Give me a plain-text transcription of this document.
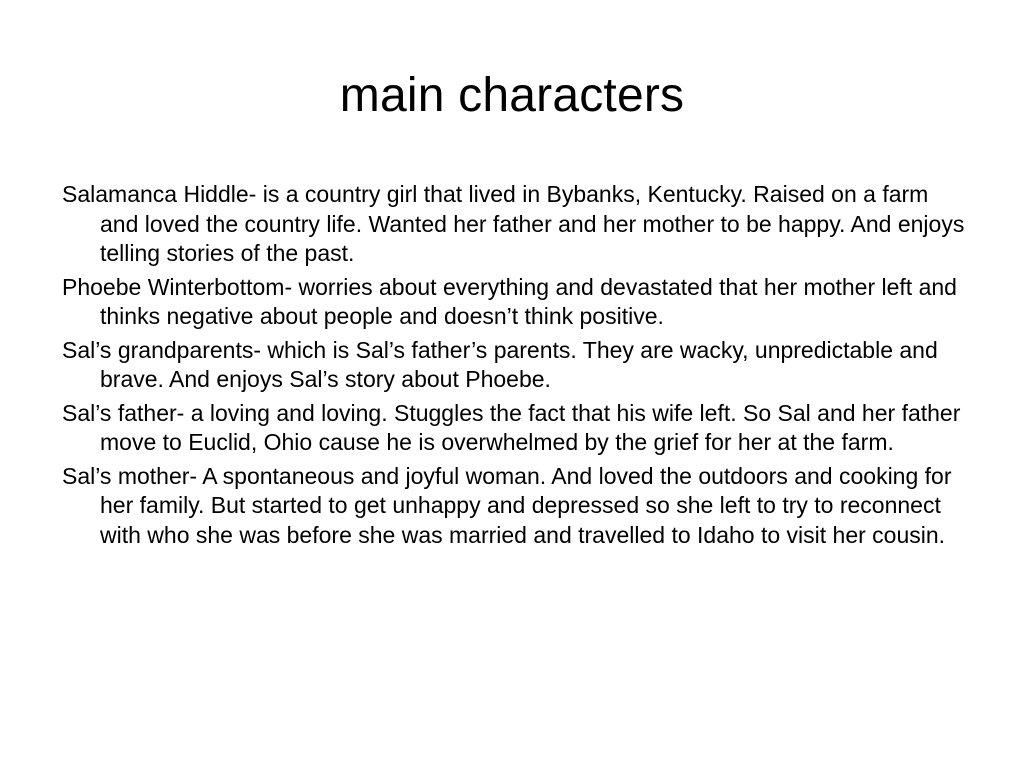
main characters

Salamanca Hiddle- is a country girl that lived in Bybanks, Kentucky. Raised on a farm and loved the country life. Wanted her father and her mother to be happy. And enjoys telling stories of the past.

Phoebe Winterbottom- worries about everything and devastated that her mother left and thinks negative about people and doesn’t think positive.

Sal’s grandparents- which is Sal’s father’s parents. They are wacky, unpredictable and brave. And enjoys Sal’s story about Phoebe.

Sal’s father- a loving and loving. Stuggles the fact that his wife left. So Sal and her father move to Euclid, Ohio cause he is overwhelmed by the grief for her at the farm.

Sal’s mother- A spontaneous and joyful woman. And loved the outdoors and cooking for her family. But started to get unhappy and depressed so she left to try to reconnect with who she was before she was married and travelled to Idaho to visit her cousin.
